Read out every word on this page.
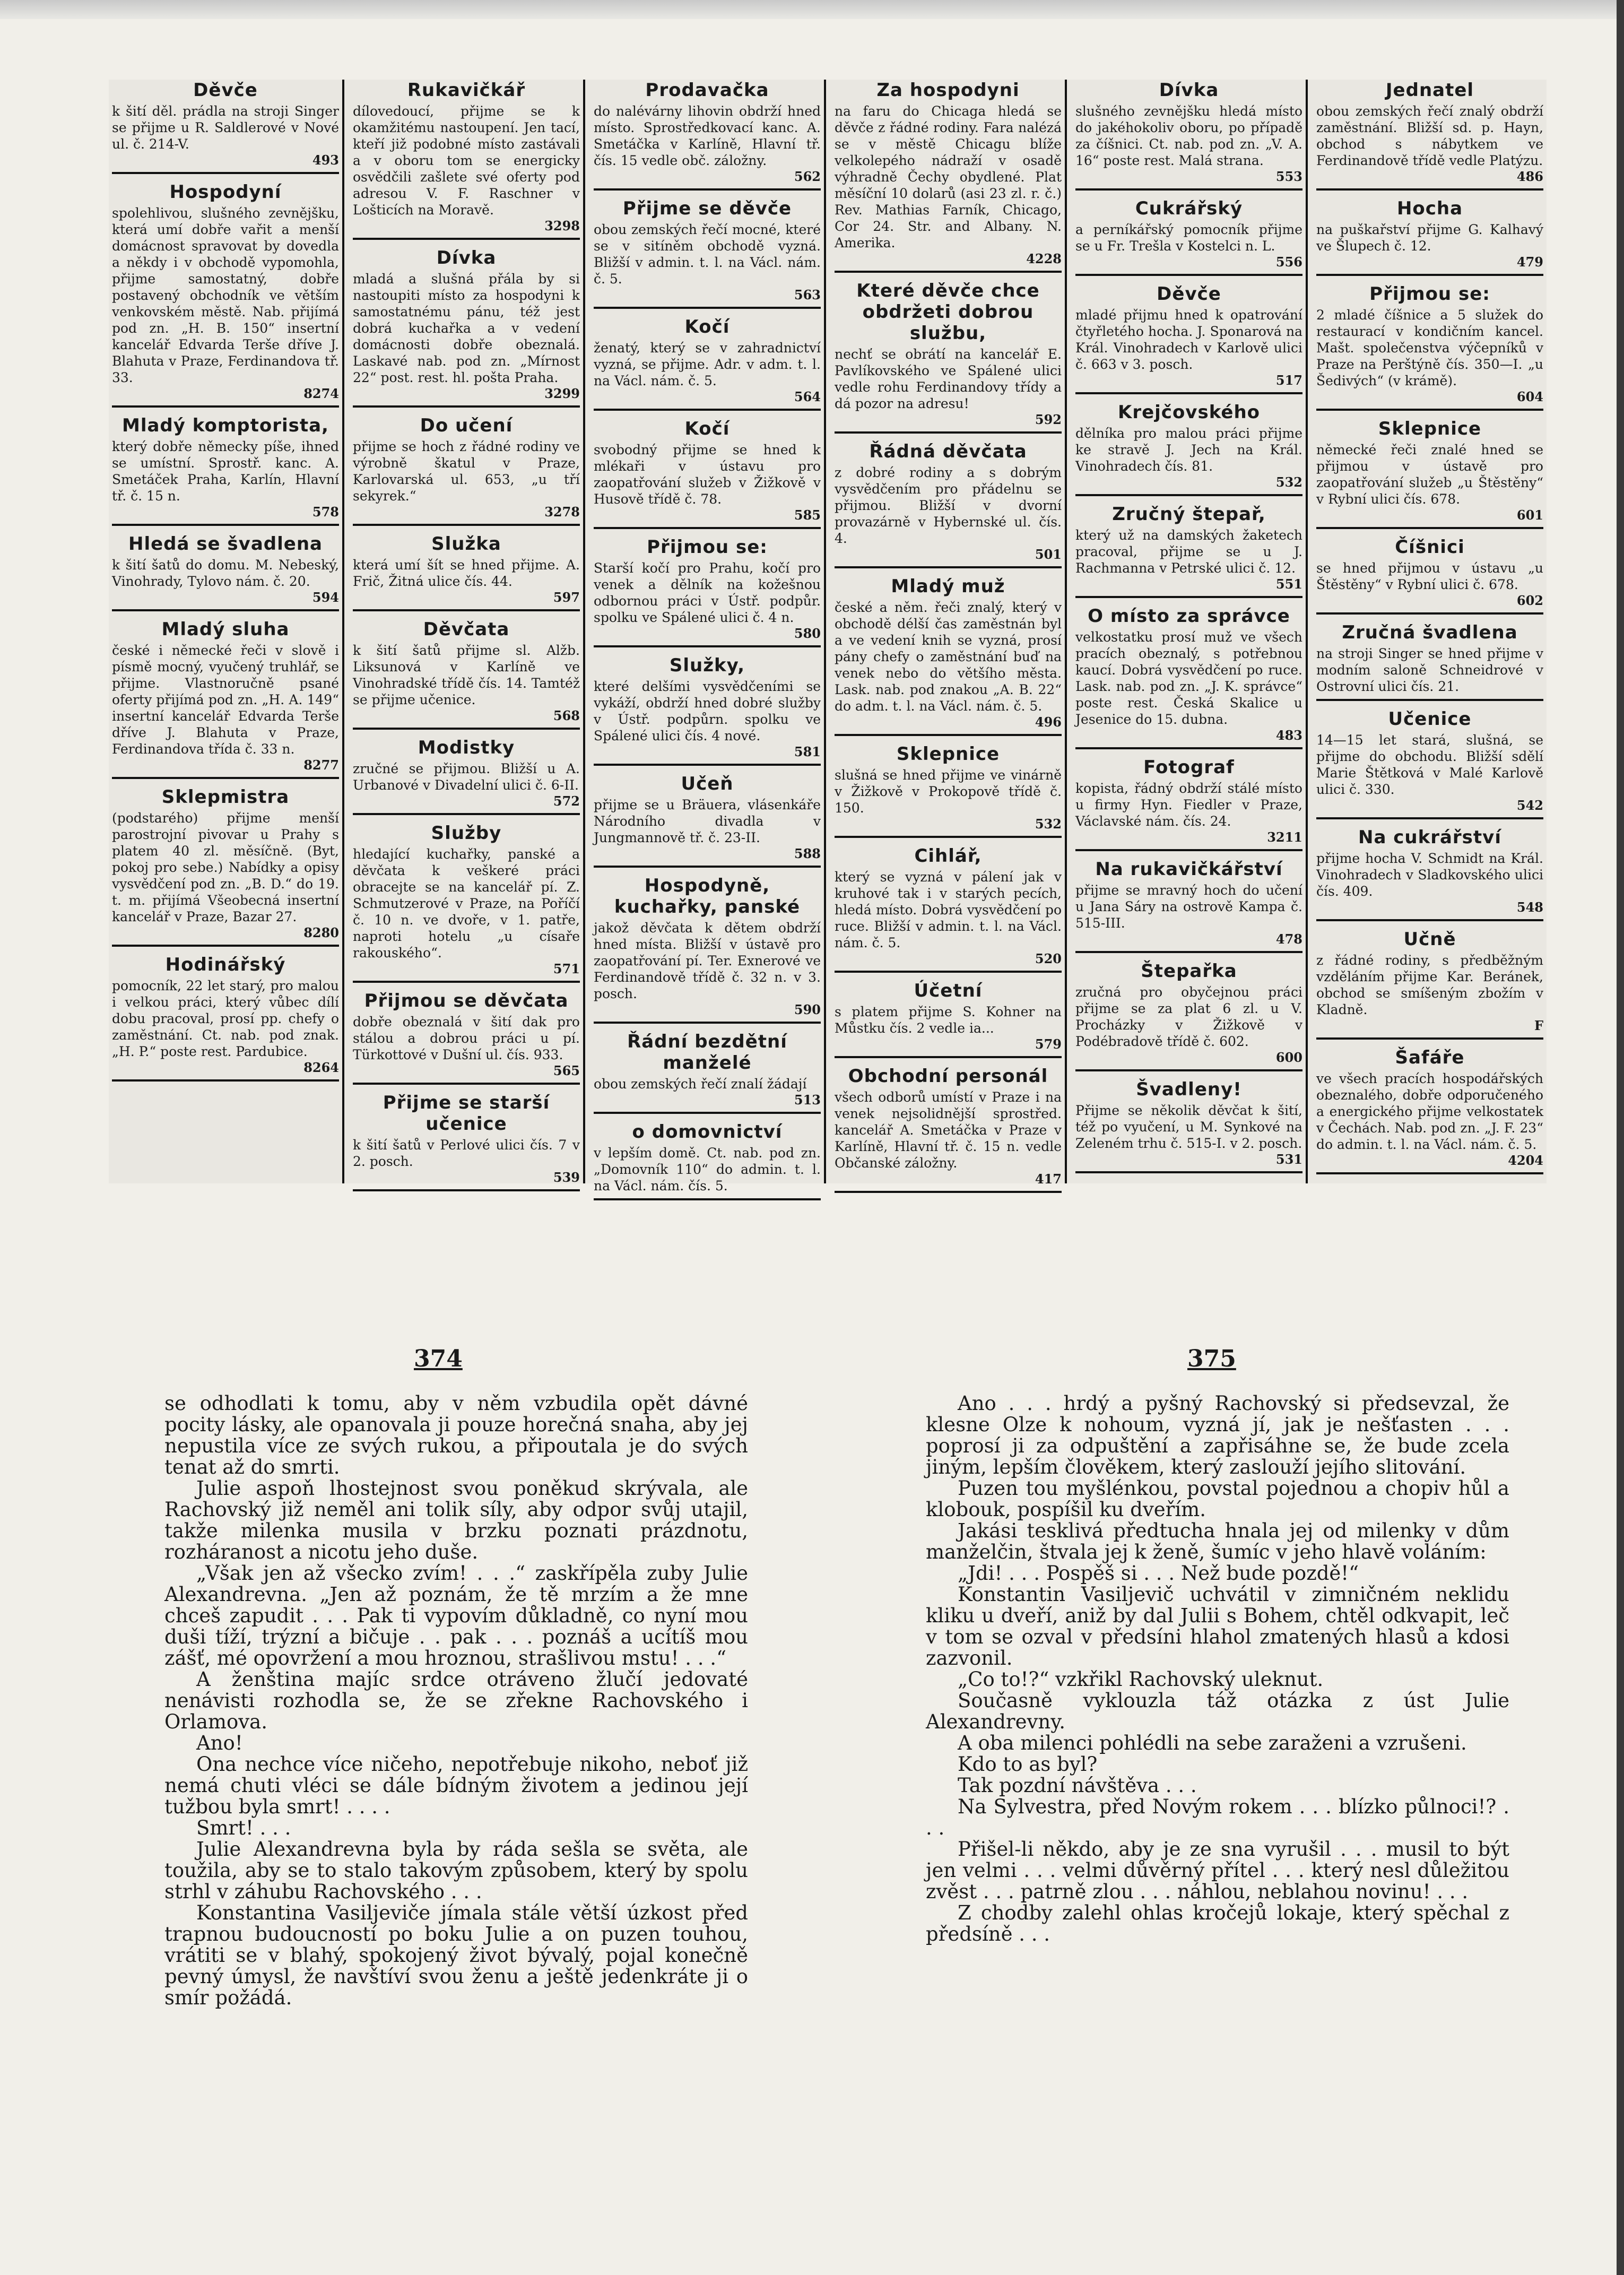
Děvče

k šití děl. prádla na stroji Singer se přijme u R. Saldlerové v Nové ul. č. 214-V.

493
Hospodyní

spolehlivou, slušného zevnějšku, která umí dobře vařit a menší domácnost spravovat by dovedla a někdy i v obchodě vypomohla, přijme samostatný, dobře postavený obchodník ve větším venkovském městě. Nab. přijímá pod zn. „H. B. 150“ insertní kancelář Edvarda Terše dříve J. Blahuta v Praze, Ferdinandova tř. 33.

8274
Mladý komptorista,

který dobře německy píše, ihned se umístní. Sprostř. kanc. A. Smetáček Praha, Karlín, Hlavní tř. č. 15 n.

578
Hledá se švadlena

k šití šatů do domu. M. Nebeský, Vinohrady, Tylovo nám. č. 20.

594
Mladý sluha

české i německé řeči v slově i písmě mocný, vyučený truhlář, se přijme. Vlastnoručně psané oferty přijímá pod zn. „H. A. 149“ insertní kancelář Edvarda Terše dříve J. Blahuta v Praze, Ferdinandova třída č. 33 n.

8277
Sklepmistra

(podstarého) přijme menší parostrojní pivovar u Prahy s platem 40 zl. měsíčně. (Byt, pokoj pro sebe.) Nabídky a opisy vysvědčení pod zn. „B. D.“ do 19. t. m. přijímá Všeobecná insertní kancelář v Praze, Bazar 27.

8280
Hodinářský

pomocník, 22 let starý, pro malou i velkou práci, který vůbec dílí dobu pracoval, prosí pp. chefy o zaměstnání. Ct. nab. pod znak. „H. P.“ poste rest. Pardubice.

8264
Rukavičkář

dílovedoucí, přijme se k okamžitému nastoupení. Jen tací, kteří již podobné místo zastávali a v oboru tom se energicky osvědčili zašlete své oferty pod adresou V. F. Raschner v Lošticích na Moravě.

3298
Dívka

mladá a slušná přála by si nastoupiti místo za hospodyni k samostatnému pánu, též jest dobrá kuchařka a v vedení domácnosti dobře obeznalá. Laskavé nab. pod zn. „Mírnost 22“ post. rest. hl. pošta Praha.

3299
Do učení

přijme se hoch z řádné rodiny ve výrobně škatul v Praze, Karlovarská ul. 653, „u tří sekyrek.“

3278
Služka

která umí šít se hned přijme. A. Frič, Žitná ulice čís. 44.

597
Děvčata

k šití šatů přijme sl. Alžb. Liksunová v Karlíně ve Vinohradské třídě čís. 14. Tamtéž se přijme učenice.

568
Modistky

zručné se přijmou. Bližší u A. Urbanové v Divadelní ulici č. 6-II.

572
Služby

hledající kuchařky, panské a děvčata k veškeré práci obracejte se na kancelář pí. Z. Schmutzerové v Praze, na Poříčí č. 10 n. ve dvoře, v 1. patře, naproti hotelu „u císaře rakouského“.

571
Přijmou se děvčata

dobře obeznalá v šití dak pro stálou a dobrou práci u pí. Türkottové v Dušní ul. čís. 933.

565
Přijme se starší učenice

k šití šatů v Perlové ulici čís. 7 v 2. posch.

539
Prodavačka

do nalévárny lihovin obdrží hned místo. Sprostředkovací kanc. A. Smetáčka v Karlíně, Hlavní tř. čís. 15 vedle obč. záložny.

562
Přijme se děvče

obou zemských řečí mocné, které se v sitíněm obchodě vyzná. Bližší v admin. t. l. na Václ. nám. č. 5.

563
Kočí

ženatý, který se v zahradnictví vyzná, se přijme. Adr. v adm. t. l. na Václ. nám. č. 5.

564
Kočí

svobodný přijme se hned k mlékaři v ústavu pro zaopatřování služeb v Žižkově v Husově třídě č. 78.

585
Přijmou se:

Starší kočí pro Prahu, kočí pro venek a dělník na kožešnou odbornou práci v Ústř. podpůr. spolku ve Spálené ulici č. 4 n.

580
Služky,

které delšími vysvědčeními se vykáží, obdrží hned dobré služby v Ústř. podpůrn. spolku ve Spálené ulici čís. 4 nové.

581
Učeň

přijme se u Bräuera, vlásenkáře Národního divadla v Jungmannově tř. č. 23-II.

588
Hospodyně, kuchařky, panské

jakož děvčata k dětem obdrží hned místa. Bližší v ústavě pro zaopatřování pí. Ter. Exnerové ve Ferdinandově třídě č. 32 n. v 3. posch.

590
Řádní bezdětní manželé

obou zemských řečí znalí žádají

513
o domovnictví

v lepším domě. Ct. nab. pod zn. „Domovník 110“ do admin. t. l. na Václ. nám. čís. 5.

Za hospodyni

na faru do Chicaga hledá se děvče z řádné rodiny. Fara nalézá se v městě Chicagu blíže velkolepého nádraží v osadě výhradně Čechy obydlené. Plat měsíční 10 dolarů (asi 23 zl. r. č.) Rev. Mathias Farník, Chicago, Cor 24. Str. and Albany. N. Amerika.

4228
Které děvče chce obdržeti dobrou službu,

nechť se obrátí na kancelář E. Pavlíkovského ve Spálené ulici vedle rohu Ferdinandovy třídy a dá pozor na adresu!

592
Řádná děvčata

z dobré rodiny a s dobrým vysvědčením pro přádelnu se přijmou. Bližší v dvorní provazárně v Hybernské ul. čís. 4.

501
Mladý muž

české a něm. řeči znalý, který v obchodě délší čas zaměstnán byl a ve vedení knih se vyzná, prosí pány chefy o zaměstnání buď na venek nebo do většího města. Lask. nab. pod znakou „A. B. 22“ do adm. t. l. na Václ. nám. č. 5.

496
Sklepnice

slušná se hned přijme ve vinárně v Žižkově v Prokopově třídě č. 150.

532
Cihlář,

který se vyzná v pálení jak v kruhové tak i v starých pecích, hledá místo. Dobrá vysvědčení po ruce. Bližší v admin. t. l. na Václ. nám. č. 5.

520
Účetní

s platem přijme S. Kohner na Můstku čís. 2 vedle ia...

579
Obchodní personál

všech odborů umístí v Praze i na venek nejsolidnější sprostřed. kancelář A. Smetáčka v Praze v Karlíně, Hlavní tř. č. 15 n. vedle Občanské záložny.

417
Dívka

slušného zevnějšku hledá místo do jakéhokoliv oboru, po případě za číšnici. Ct. nab. pod zn. „V. A. 16“ poste rest. Malá strana.

553
Cukrářský

a perníkářský pomocník přijme se u Fr. Trešla v Kostelci n. L.

556
Děvče

mladé přijmu hned k opatrování čtyřletého hocha. J. Sponarová na Král. Vinohradech v Karlově ulici č. 663 v 3. posch.

517
Krejčovského

dělníka pro malou práci přijme ke stravě J. Jech na Král. Vinohradech čís. 81.

532
Zručný štepař,

který už na damských žaketech pracoval, přijme se u J. Rachmanna v Petrské ulici č. 12.

551
O místo za správce

velkostatku prosí muž ve všech pracích obeznalý, s potřebnou kaucí. Dobrá vysvědčení po ruce. Lask. nab. pod zn. „J. K. správce“ poste rest. Česká Skalice u Jesenice do 15. dubna.

483
Fotograf

kopista, řádný obdrží stálé místo u firmy Hyn. Fiedler v Praze, Václavské nám. čís. 24.

3211
Na rukavičkářství

přijme se mravný hoch do učení u Jana Sáry na ostrově Kampa č. 515-III.

478
Štepařka

zručná pro obyčejnou práci přijme se za plat 6 zl. u V. Procházky v Žižkově v Podébradově třídě č. 602.

600
Švadleny!

Přijme se několik děvčat k šití, též po vyučení, u M. Synkové na Zeleném trhu č. 515-I. v 2. posch.

531
Jednatel

obou zemských řečí znalý obdrží zaměstnání. Bližší sd. p. Hayn, obchod s nábytkem ve Ferdinandově třídě vedle Platýzu.

486
Hocha

na puškařství přijme G. Kalhavý ve Šlupech č. 12.

479
Přijmou se:

2 mladé číšnice a 5 služek do restaurací v kondičním kancel. Mašt. společenstva výčepníků v Praze na Perštýně čís. 350—I. „u Šedivých“ (v krámě).

604
Sklepnice

německé řeči znalé hned se přijmou v ústavě pro zaopatřování služeb „u Štěstěny“ v Rybní ulici čís. 678.

601
Číšnici

se hned přijmou v ústavu „u Štěstěny“ v Rybní ulici č. 678.

602
Zručná švadlena

na stroji Singer se hned přijme v modním saloně Schneidrové v Ostrovní ulici čís. 21.

Učenice

14—15 let stará, slušná, se přijme do obchodu. Bližší sdělí Marie Štětková v Malé Karlově ulici č. 330.

542
Na cukrářství

přijme hocha V. Schmidt na Král. Vinohradech v Sladkovského ulici čís. 409.

548
Učně

z řádné rodiny, s předběžným vzděláním přijme Kar. Beránek, obchod se smíšeným zbožím v Kladně.

F
Šafáře

ve všech pracích hospodářských obeznalého, dobře odporučeného a energického přijme velkostatek v Čechách. Nab. pod zn. „J. F. 23“ do admin. t. l. na Václ. nám. č. 5.

4204
374	375

se odhodlati k tomu, aby v něm vzbudila opět dávné pocity lásky, ale opanovala ji pouze horečná snaha, aby jej nepustila více ze svých rukou, a připoutala je do svých tenat až do smrti.

Julie aspoň lhostejnost svou poněkud skrývala, ale Rachovský již neměl ani tolik síly, aby odpor svůj utajil, takže milenka musila v brzku poznati prázdnotu, rozháranost a nicotu jeho duše.

„Však jen až všecko zvím! . . .“ zaskřípěla zuby Julie Alexandrevna. „Jen až poznám, že tě mrzím a že mne chceš zapudit . . . Pak ti vypovím důkladně, co nyní mou duši tíží, trýzní a bičuje . . pak . . . poznáš a ucítíš mou zášť, mé opovržení a mou hroznou, strašlivou mstu! . . .“

A ženština majíc srdce otráveno žlučí jedovaté nenávisti rozhodla se, že se zřekne Rachovského i Orlamova.

Ano!

Ona nechce více ničeho, nepotřebuje nikoho, neboť již nemá chuti vléci se dále bídným životem a jedinou její tužbou byla smrt! . . . .

Smrt! . . .

Julie Alexandrevna byla by ráda sešla se světa, ale toužila, aby se to stalo takovým způsobem, který by spolu strhl v záhubu Rachovského . . .

Konstantina Vasiljeviče jímala stále větší úzkost před trapnou budoucností po boku Julie a on puzen touhou, vrátiti se v blahý, spokojený život bývalý, pojal konečně pevný úmysl, že navštíví svou ženu a ještě jedenkráte ji o smír požádá.

Ano . . . hrdý a pyšný Rachovský si předsevzal, že klesne Olze k nohoum, vyzná jí, jak je nešťasten . . . poprosí ji za odpuštění a zapřisáhne se, že bude zcela jiným, lepším člověkem, který zaslouží jejího slitování.

Puzen tou myšlénkou, povstal pojednou a chopiv hůl a klobouk, pospíšil ku dveřím.

Jakási tesklivá předtucha hnala jej od milenky v dům manželčin, štvala jej k ženě, šumíc v jeho hlavě voláním:

„Jdi! . . . Pospěš si . . . Než bude pozdě!“

Konstantin Vasiljevič uchvátil v zimničném neklidu kliku u dveří, aniž by dal Julii s Bohem, chtěl odkvapit, leč v tom se ozval v předsíni hlahol zmatených hlasů a kdosi zazvonil.

„Co to!?“ vzkřikl Rachovský uleknut.

Současně vyklouzla táž otázka z úst Julie Alexandrevny.

A oba milenci pohlédli na sebe zaraženi a vzrušeni.

Kdo to as byl?

Tak pozdní návštěva . . .

Na Sylvestra, před Novým rokem . . . blízko půlnoci!? . . .

Přišel-li někdo, aby je ze sna vyrušil . . . musil to být jen velmi . . . velmi důvěrný přítel . . . který nesl důležitou zvěst . . . patrně zlou . . . náhlou, neblahou novinu! . . .

Z chodby zalehl ohlas kročejů lokaje, který spěchal z předsíně . . .
